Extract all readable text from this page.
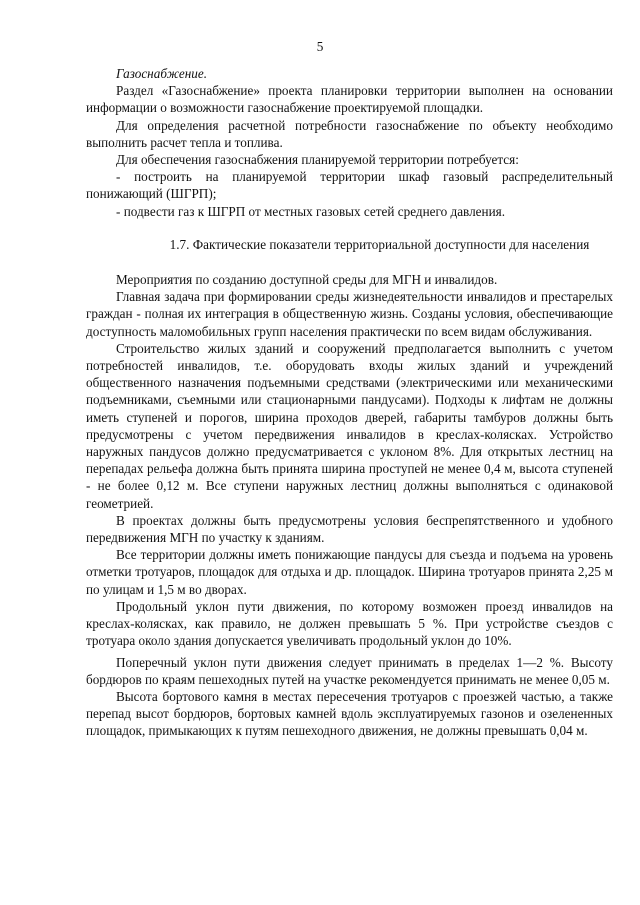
5

Газоснабжение.

Раздел «Газоснабжение» проекта планировки территории выполнен на основании информации о возможности газоснабжение проектируемой площадки.

Для определения расчетной потребности газоснабжение по объекту необходимо выполнить расчет тепла и топлива.

Для обеспечения газоснабжения планируемой территории потребуется:

- построить на планируемой территории шкаф газовый распределительный понижающий (ШГРП);

- подвести газ к ШГРП от местных газовых сетей среднего давления.

1.7. Фактические показатели территориальной доступности для населения

Мероприятия по созданию доступной среды для МГН и инвалидов.

Главная задача при формировании среды жизнедеятельности инвалидов и престарелых граждан - полная их интеграция в общественную жизнь. Созданы условия, обеспечивающие доступность маломобильных групп населения практически по всем видам обслуживания.

Строительство жилых зданий и сооружений предполагается выполнить с учетом потребностей инвалидов, т.е. оборудовать входы жилых зданий и учреждений общественного назначения подъемными средствами (электрическими или механическими подъемниками, съемными или стационарными пандусами). Подходы к лифтам не должны иметь ступеней и порогов, ширина проходов дверей, габариты тамбуров должны быть предусмотрены с учетом передвижения инвалидов в креслах-колясках. Устройство наружных пандусов должно предусматривается с уклоном 8%. Для открытых лестниц на перепадах рельефа должна быть принята ширина проступей не менее 0,4 м, высота ступеней - не более 0,12 м. Все ступени наружных лестниц должны выполняться с одинаковой геометрией.

В проектах должны быть предусмотрены условия беспрепятственного и удобного передвижения МГН по участку к зданиям.

Все территории должны иметь понижающие пандусы для съезда и подъема на уровень отметки тротуаров, площадок для отдыха и др. площадок. Ширина тротуаров принята 2,25 м по улицам и 1,5 м во дворах.

Продольный уклон пути движения, по которому возможен проезд инвалидов на креслах-колясках, как правило, не должен превышать 5 %. При устройстве съездов с тротуара около здания допускается увеличивать продольный уклон до 10%.

Поперечный уклон пути движения следует принимать в пределах 1—2 %. Высоту бордюров по краям пешеходных путей на участке рекомендуется принимать не менее 0,05 м.

Высота бортового камня в местах пересечения тротуаров с проезжей частью, а также перепад высот бордюров, бортовых камней вдоль эксплуатируемых газонов и озелененных площадок, примыкающих к путям пешеходного движения, не должны превышать 0,04 м.
